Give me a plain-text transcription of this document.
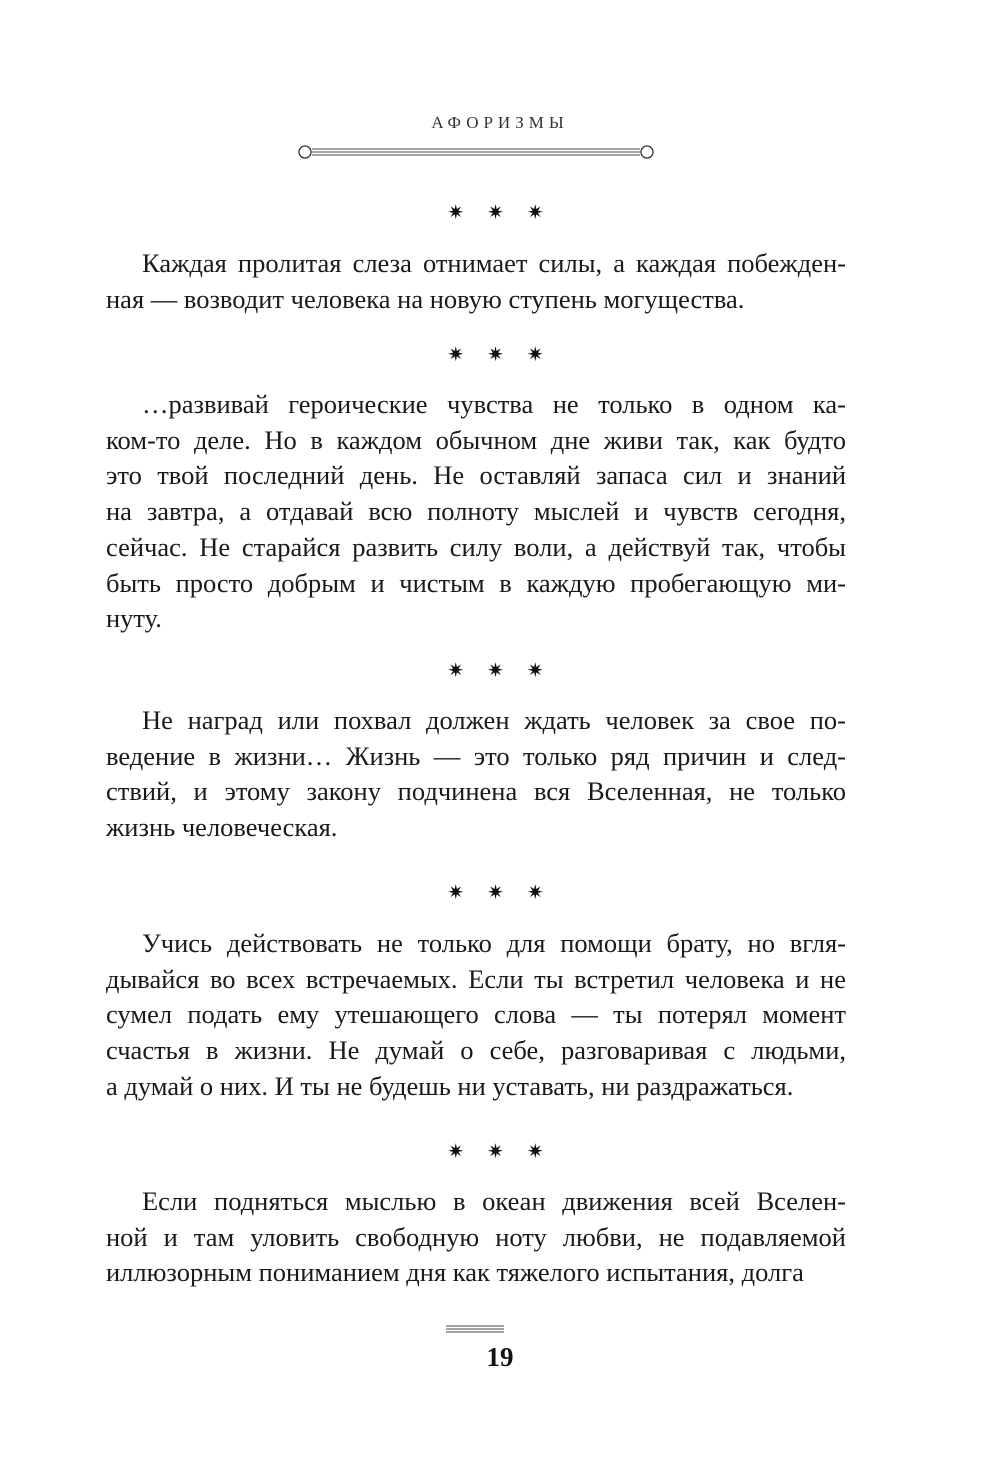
АФОРИЗМЫ
✷ ✷ ✷
Каждая пролитая слеза отнимает силы, а каждая побежден-
ная — возводит человека на новую ступень могущества.
✷ ✷ ✷
…развивай героические чувства не только в одном ка-
ком-то деле. Но в каждом обычном дне живи так, как будто
это твой последний день. Не оставляй запаса сил и знаний
на завтра, а отдавай всю полноту мыслей и чувств сегодня,
сейчас. Не старайся развить силу воли, а действуй так, чтобы
быть просто добрым и чистым в каждую пробегающую ми-
нуту.
✷ ✷ ✷
Не наград или похвал должен ждать человек за свое по-
ведение в жизни… Жизнь — это только ряд причин и след-
ствий, и этому закону подчинена вся Вселенная, не только
жизнь человеческая.
✷ ✷ ✷
Учись действовать не только для помощи брату, но вгля-
дывайся во всех встречаемых. Если ты встретил человека и не
сумел подать ему утешающего слова — ты потерял момент
счастья в жизни. Не думай о себе, разговаривая с людьми,
а думай о них. И ты не будешь ни уставать, ни раздражаться.
✷ ✷ ✷
Если подняться мыслью в океан движения всей Вселен-
ной и там уловить свободную ноту любви, не подавляемой
иллюзорным пониманием дня как тяжелого испытания, долга
19
